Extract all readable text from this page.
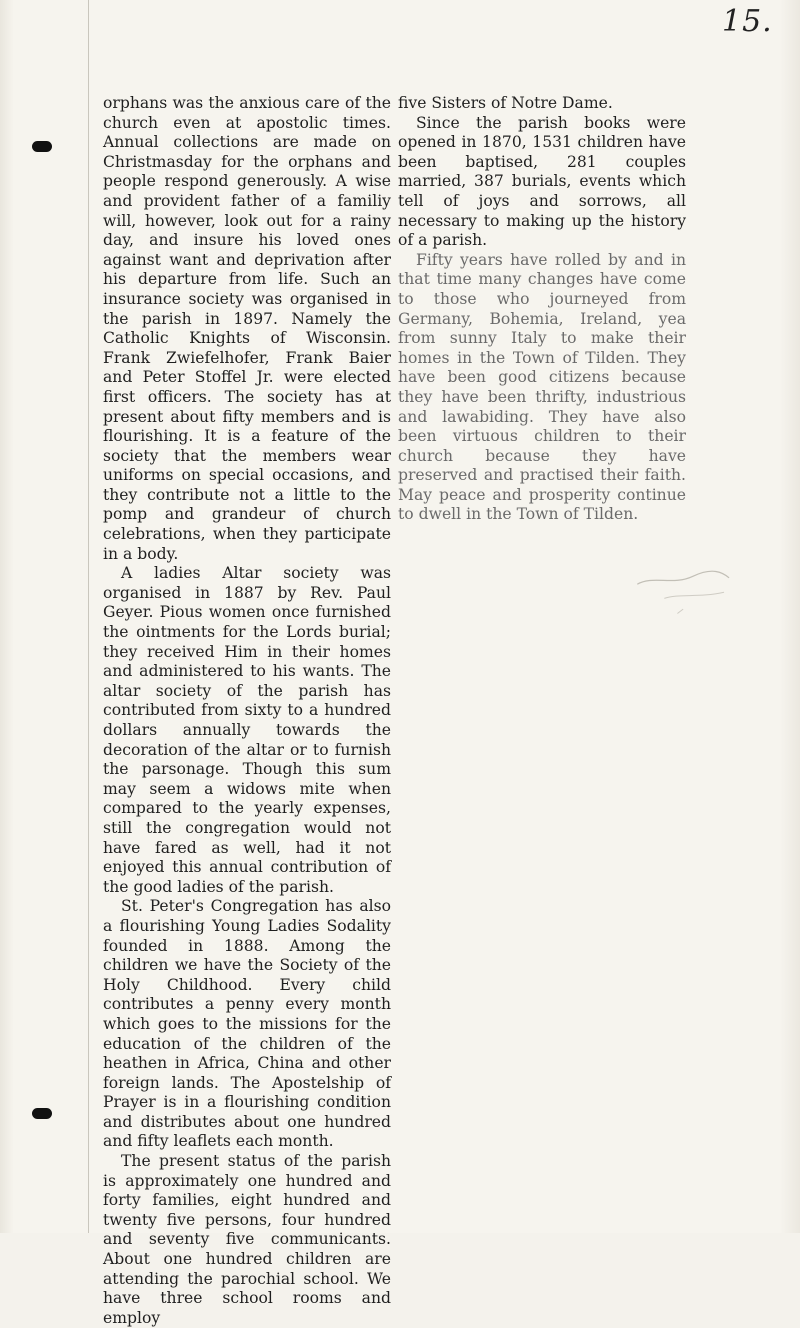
15.

orphans was the anxious care of the church even at apostolic times. Annual collections are made on Christmasday for the orphans and people respond generously. A wise and provident father of a familiy will, however, look out for a rainy day, and insure his loved ones against want and deprivation after his departure from life. Such an insurance society was organised in the parish in 1897. Namely the Catholic Knights of Wisconsin. Frank Zwiefelhofer, Frank Baier and Peter Stoffel Jr. were elected first officers. The society has at present about fifty members and is flourishing. It is a feature of the society that the members wear uniforms on special occasions, and they contribute not a little to the pomp and grandeur of church celebrations, when they participate in a body.

A ladies Altar society was organised in 1887 by Rev. Paul Geyer. Pious women once furnished the ointments for the Lords burial; they received Him in their homes and administered to his wants. The altar society of the parish has contributed from sixty to a hundred dollars annually towards the decoration of the altar or to furnish the parsonage. Though this sum may seem a widows mite when compared to the yearly expenses, still the congregation would not have fared as well, had it not enjoyed this annual contribution of the good ladies of the parish.

St. Peter's Congregation has also a flourishing Young Ladies Sodality founded in 1888. Among the children we have the Society of the Holy Childhood. Every child contributes a penny every month which goes to the missions for the education of the children of the heathen in Africa, China and other foreign lands. The Apostelship of Prayer is in a flourishing condition and distributes about one hundred and fifty leaflets each month.

The present status of the parish is approximately one hundred and forty families, eight hundred and twenty five persons, four hundred and seventy five communicants. About one hundred children are attending the parochial school. We have three school rooms and employ

five Sisters of Notre Dame.

Since the parish books were opened in 1870, 1531 children have been baptised, 281 couples married, 387 burials, events which tell of joys and sorrows, all necessary to making up the history of a parish.

Fifty years have rolled by and in that time many changes have come to those who journeyed from Germany, Bohemia, Ireland, yea from sunny Italy to make their homes in the Town of Tilden. They have been good citizens because they have been thrifty, industrious and lawabiding. They have also been virtuous children to their church because they have preserved and practised their faith. May peace and prosperity continue to dwell in the Town of Tilden.
